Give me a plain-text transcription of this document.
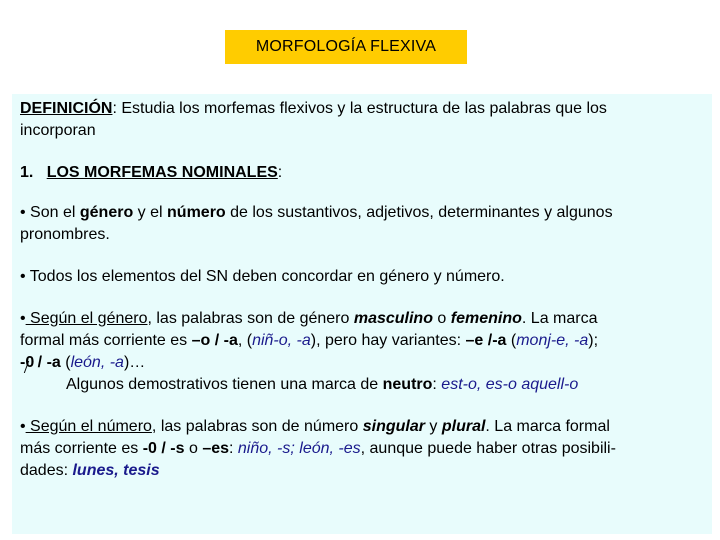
MORFOLOGÍA FLEXIVA

DEFINICIÓN: Estudia los morfemas flexivos y la estructura de las palabras que los
incorporan

1. LOS MORFEMAS NOMINALES:

• Son el género y el número de los sustantivos, adjetivos, determinantes y algunos
pronombres.

• Todos los elementos del SN deben concordar en género y número.

• Según el género, las palabras son de género masculino o femenino. La marca
formal más corriente es –o / -a, (niñ-o, -a), pero hay variantes: –e /-a (monj-e, -a);
-0 / -a (león, -a)…
Algunos demostrativos tienen una marca de neutro: est-o, es-o aquell-o

• Según el número, las palabras son de número singular y plural. La marca formal
más corriente es -0 / -s o –es: niño, -s; león, -es, aunque puede haber otras posibili-
dades: lunes, tesis
